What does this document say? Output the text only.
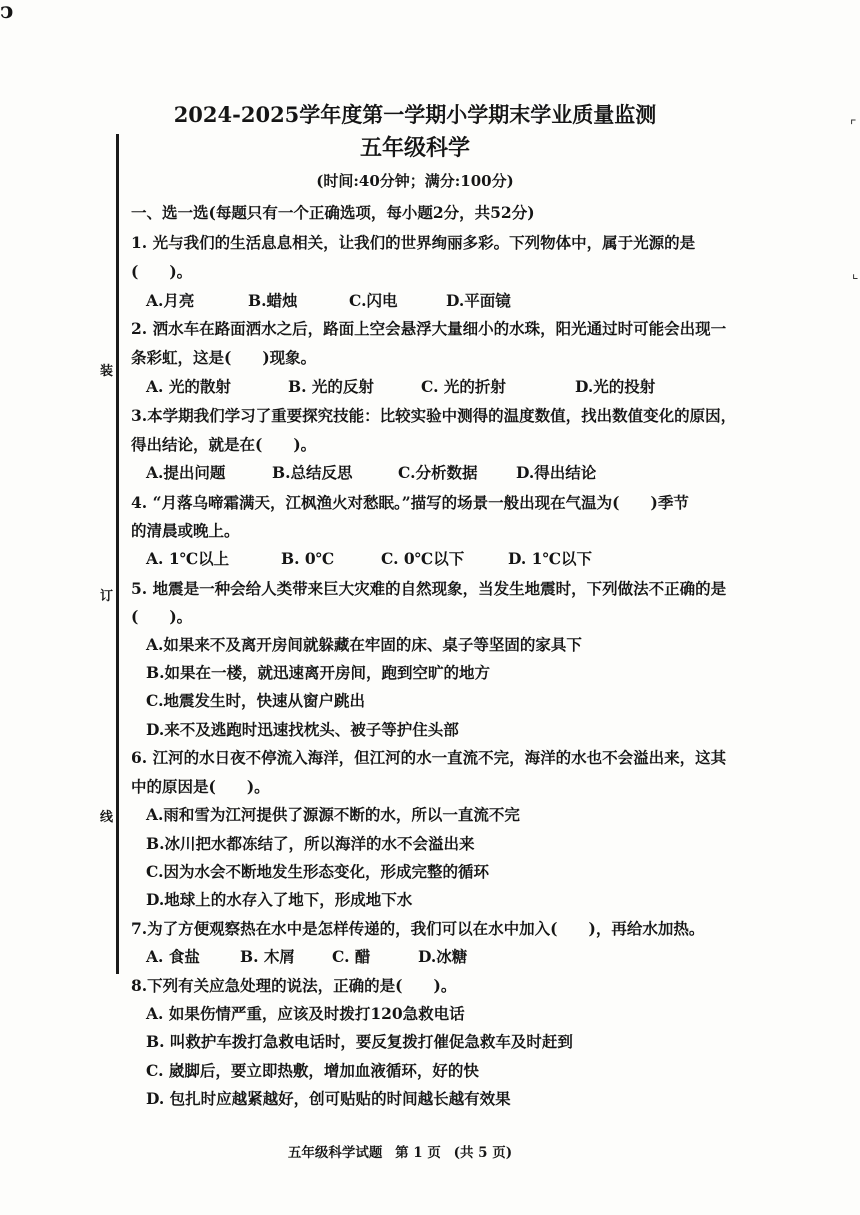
ↄ
⌜
⌞
装
订
线
2024-2025学年度第一学期小学期末学业质量监测
五年级科学
(时间:40分钟；满分:100分)
一、选一选(每题只有一个正确选项，每小题2分，共52分)
1. 光与我们的生活息息相关，让我们的世界绚丽多彩。下列物体中，属于光源的是
(　　)。
A.月亮	B.蜡烛	C.闪电	D.平面镜
2. 洒水车在路面洒水之后，路面上空会悬浮大量细小的水珠，阳光通过时可能会出现一
条彩虹，这是(　　)现象。
A. 光的散射	B. 光的反射	C. 光的折射	D.光的投射
3.本学期我们学习了重要探究技能：比较实验中测得的温度数值，找出数值变化的原因，
得出结论，就是在(　　)。
A.提出问题	B.总结反思	C.分析数据 D.得出结论
4. “月落乌啼霜满天，江枫渔火对愁眠。”描写的场景一般出现在气温为(　　)季节
的清晨或晚上。
A. 1℃以上	B. 0℃	C. 0℃以下	D. 1℃以下
5. 地震是一种会给人类带来巨大灾难的自然现象，当发生地震时，下列做法不正确的是
(　　)。
A.如果来不及离开房间就躲藏在牢固的床、桌子等坚固的家具下
B.如果在一楼，就迅速离开房间，跑到空旷的地方
C.地震发生时，快速从窗户跳出
D.来不及逃跑时迅速找枕头、被子等护住头部
6. 江河的水日夜不停流入海洋，但江河的水一直流不完，海洋的水也不会溢出来，这其
中的原因是(　　)。
A.雨和雪为江河提供了源源不断的水，所以一直流不完
B.冰川把水都冻结了，所以海洋的水不会溢出来
C.因为水会不断地发生形态变化，形成完整的循环
D.地球上的水存入了地下，形成地下水
7.为了方便观察热在水中是怎样传递的，我们可以在水中加入(　　)，再给水加热。
A. 食盐	B. 木屑 C. 醋	D.冰糖
8.下列有关应急处理的说法，正确的是(　　)。
A. 如果伤情严重，应该及时拨打120急救电话
B. 叫救护车拨打急救电话时，要反复拨打催促急救车及时赶到
C. 崴脚后，要立即热敷，增加血液循环，好的快
D. 包扎时应越紧越好，创可贴贴的时间越长越有效果
五年级科学试题 第 1 页 (共 5 页)
